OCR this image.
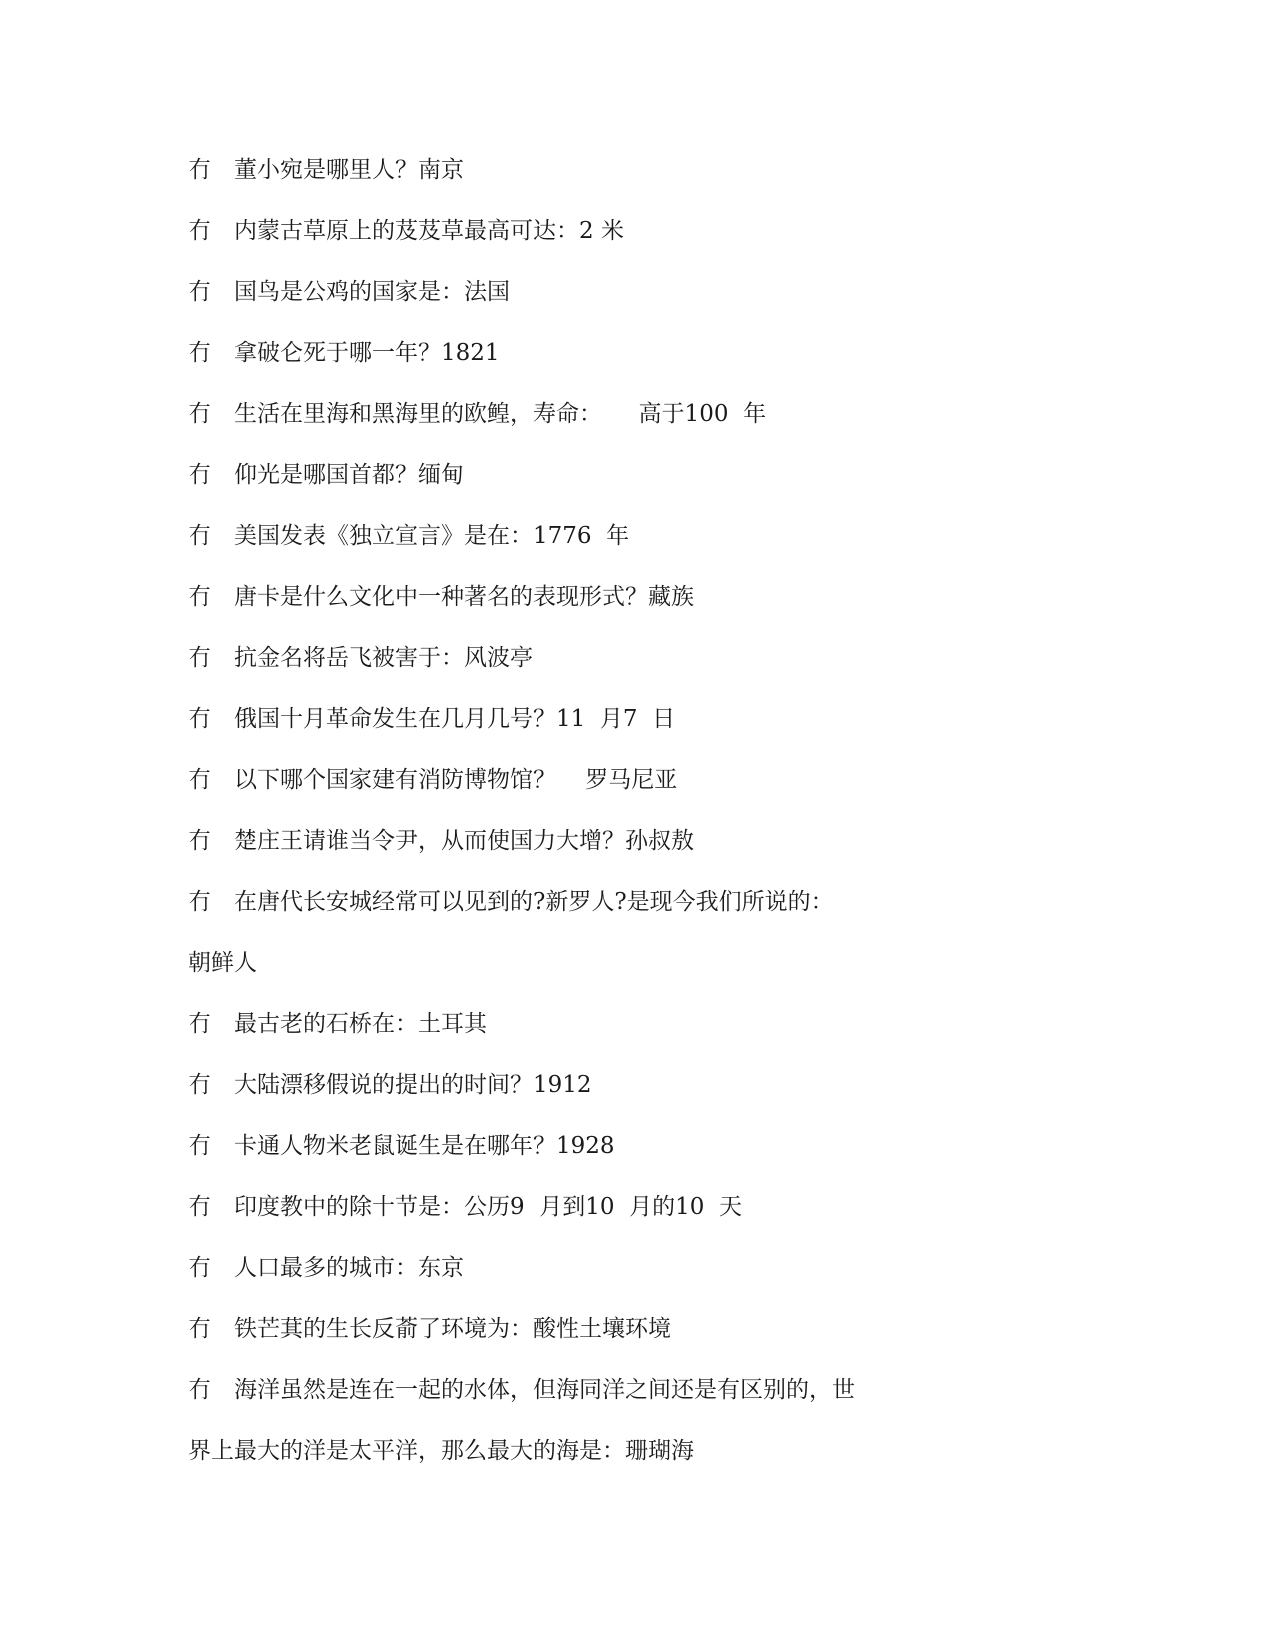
冇 董小宛是哪里人？南京
冇 内蒙古草原上的芨芨草最高可达：2 米
冇 国鸟是公鸡的国家是：法国
冇 拿破仑死于哪一年？1821
冇 生活在里海和黑海里的欧鳇，寿命：     高于100  年
冇 仰光是哪国首都？缅甸
冇 美国发表《独立宣言》是在：1776  年
冇 唐卡是什么文化中一种著名的表现形式？藏族
冇 抗金名将岳飞被害于：风波亭
冇 俄国十月革命发生在几月几号？11  月7  日
冇 以下哪个国家建有消防博物馆？    罗马尼亚
冇 楚庄王请谁当令尹，从而使国力大增？孙叔敖
冇 在唐代长安城经常可以见到的?新罗人?是现今我们所说的：
朝鲜人
冇 最古老的石桥在：土耳其
冇 大陆漂移假说的提出的时间？1912
冇 卡通人物米老鼠诞生是在哪年？1928
冇 印度教中的除十节是：公历9  月到10  月的10  天
冇 人口最多的城市：东京
冇 铁芒萁的生长反萮了环境为：酸性土壤环境
冇 海洋虽然是连在一起的水体，但海同洋之间还是有区别的，世
界上最大的洋是太平洋，那么最大的海是：珊瑚海
